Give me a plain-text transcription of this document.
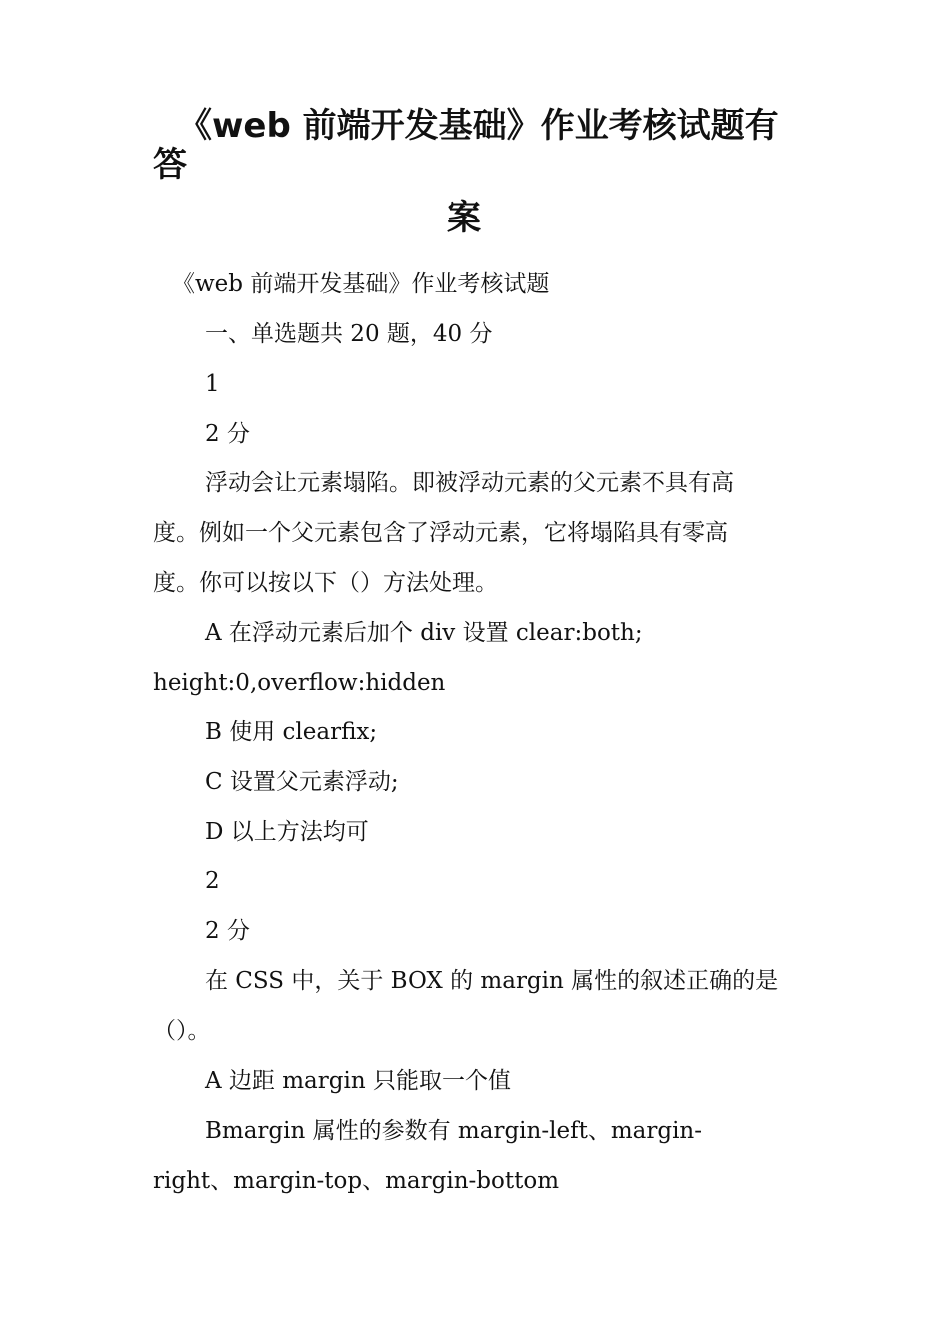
《web 前端开发基础》作业考核试题有
答
案
《web 前端开发基础》作业考核试题
一、单选题共 20 题，40 分
1
2 分
浮动会让元素塌陷。即被浮动元素的父元素不具有高
度。例如一个父元素包含了浮动元素，它将塌陷具有零高
度。你可以按以下（）方法处理。
A 在浮动元素后加个 div 设置 clear:both;
height:0,overflow:hidden
B 使用 clearfix;
C 设置父元素浮动;
D 以上方法均可
2
2 分
在 CSS 中，关于 BOX 的 margin 属性的叙述正确的是
（）。
A 边距 margin 只能取一个值
Bmargin 属性的参数有 margin-left、margin-
right、margin-top、margin-bottom
